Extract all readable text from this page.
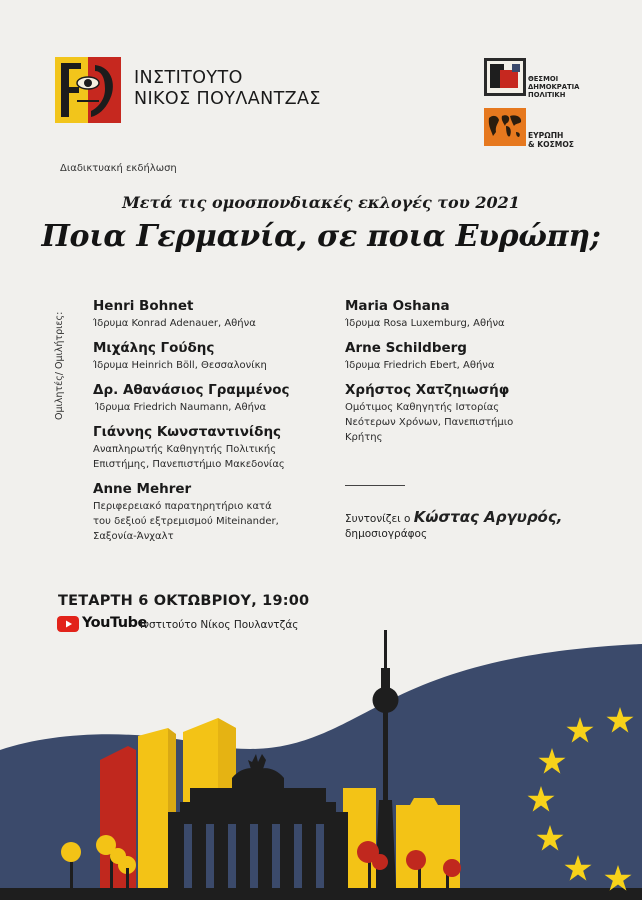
ΙΝΣΤΙΤΟΥΤΟ
ΝΙΚΟΣ ΠΟΥΛΑΝΤΖΑΣ
ΘΕΣΜΟΙ
ΔΗΜΟΚΡΑΤΙΑ
ΠΟΛΙΤΙΚΗ
ΕΥΡΩΠΗ
& ΚΟΣΜΟΣ
Διαδικτυακή εκδήλωση
Μετά τις ομοσπονδιακές εκλογές του 2021
Ποια Γερμανία, σε ποια Ευρώπη;
Ομιλητές/ Ομιλήτριες:
Henri Bohnet
Ίδρυμα Konrad Adenauer, Αθήνα
Μιχάλης Γούδης
Ίδρυμα Heinrich Böll, Θεσσαλονίκη
Δρ. Αθανάσιος Γραμμένος
Ίδρυμα Friedrich Naumann, Αθήνα
Γιάννης Κωνσταντινίδης
Αναπληρωτής Καθηγητής Πολιτικής
Επιστήμης, Πανεπιστήμιο Μακεδονίας
Anne Mehrer
Περιφερειακό παρατηρητήριο κατά
του δεξιού εξτρεμισμού Miteinander,
Σαξονία-Άνχαλτ
Maria Oshana
Ίδρυμα Rosa Luxemburg, Αθήνα
Arne Schildberg
Ίδρυμα Friedrich Ebert, Αθήνα
Χρήστος Χατζηιωσήφ
Ομότιμος Καθηγητής Ιστορίας
Νεότερων Χρόνων, Πανεπιστήμιο
Κρήτης
Συντονίζει ο Κώστας Αργυρός,
δημοσιογράφος
ΤΕΤΑΡΤΗ 6 ΟΚΤΩΒΡΙΟΥ, 19:00
YouTube
Ινστιτούτο Νίκος Πουλαντζάς
